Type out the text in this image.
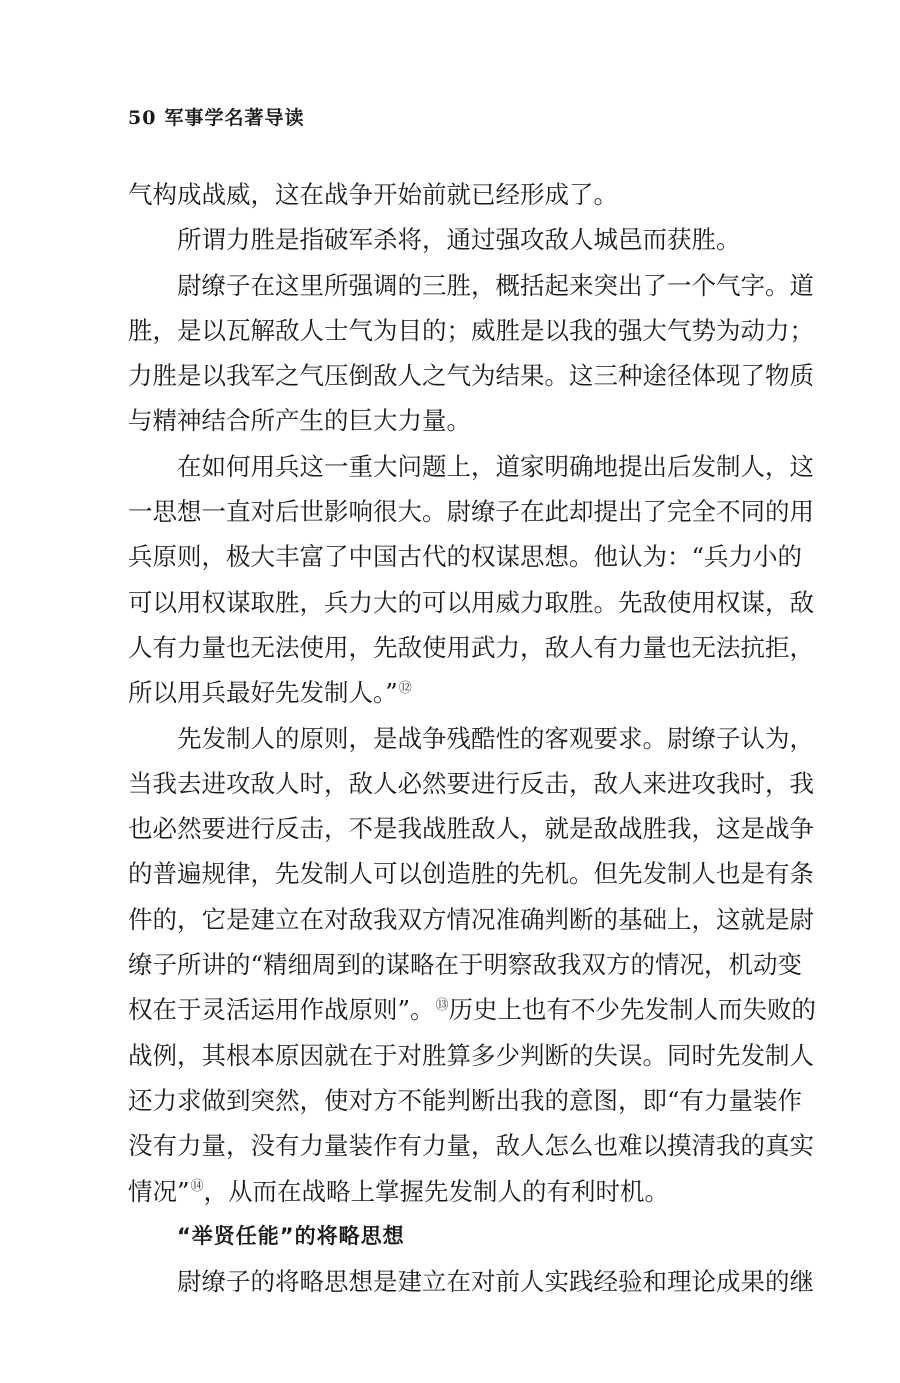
50 军事学名著导读
气构成战威，这在战争开始前就已经形成了。
所谓力胜是指破军杀将，通过强攻敌人城邑而获胜。
尉缭子在这里所强调的三胜，概括起来突出了一个气字。道
胜，是以瓦解敌人士气为目的；威胜是以我的强大气势为动力；
力胜是以我军之气压倒敌人之气为结果。这三种途径体现了物质
与精神结合所产生的巨大力量。
在如何用兵这一重大问题上，道家明确地提出后发制人，这
一思想一直对后世影响很大。尉缭子在此却提出了完全不同的用
兵原则，极大丰富了中国古代的权谋思想。他认为：“兵力小的
可以用权谋取胜，兵力大的可以用威力取胜。先敌使用权谋，敌
人有力量也无法使用，先敌使用武力，敌人有力量也无法抗拒，
所以用兵最好先发制人。”⑫
先发制人的原则，是战争残酷性的客观要求。尉缭子认为，
当我去进攻敌人时，敌人必然要进行反击，敌人来进攻我时，我
也必然要进行反击，不是我战胜敌人，就是敌战胜我，这是战争
的普遍规律，先发制人可以创造胜的先机。但先发制人也是有条
件的，它是建立在对敌我双方情况准确判断的基础上，这就是尉
缭子所讲的“精细周到的谋略在于明察敌我双方的情况，机动变
权在于灵活运用作战原则”。⑬历史上也有不少先发制人而失败的
战例，其根本原因就在于对胜算多少判断的失误。同时先发制人
还力求做到突然，使对方不能判断出我的意图，即“有力量装作
没有力量，没有力量装作有力量，敌人怎么也难以摸清我的真实
情况”⑭，从而在战略上掌握先发制人的有利时机。
“举贤任能”的将略思想
尉缭子的将略思想是建立在对前人实践经验和理论成果的继
